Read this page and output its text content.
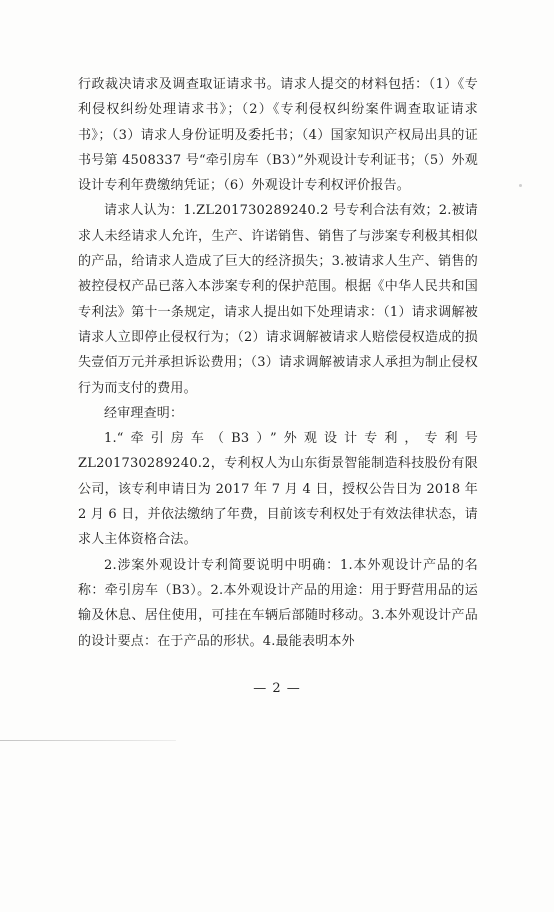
行政裁决请求及调查取证请求书。请求人提交的材料包括：（1）《专利侵权纠纷处理请求书》；（2）《专利侵权纠纷案件调查取证请求书》；（3）请求人身份证明及委托书；（4）国家知识产权局出具的证书号第 4508337 号“牵引房车（B3）”外观设计专利证书；（5）外观设计专利年费缴纳凭证；（6）外观设计专利权评价报告。

请求人认为：1.ZL201730289240.2 号专利合法有效；2.被请求人未经请求人允许，生产、许诺销售、销售了与涉案专利极其相似的产品，给请求人造成了巨大的经济损失；3.被请求人生产、销售的被控侵权产品已落入本涉案专利的保护范围。根据《中华人民共和国专利法》第十一条规定，请求人提出如下处理请求：（1）请求调解被请求人立即停止侵权行为；（2）请求调解被请求人赔偿侵权造成的损失壹佰万元并承担诉讼费用；（3）请求调解被请求人承担为制止侵权行为而支付的费用。

经审理查明：

1.“牵引房车（B3）”外观设计专利，专利号ZL201730289240.2，专利权人为山东街景智能制造科技股份有限公司，该专利申请日为 2017 年 7 月 4 日，授权公告日为 2018 年 2 月 6 日，并依法缴纳了年费，目前该专利权处于有效法律状态，请求人主体资格合法。

2.涉案外观设计专利简要说明中明确：1.本外观设计产品的名称：牵引房车（B3）。2.本外观设计产品的用途：用于野营用品的运输及休息、居住使用，可挂在车辆后部随时移动。3.本外观设计产品的设计要点：在于产品的形状。4.最能表明本外

— 2 —
